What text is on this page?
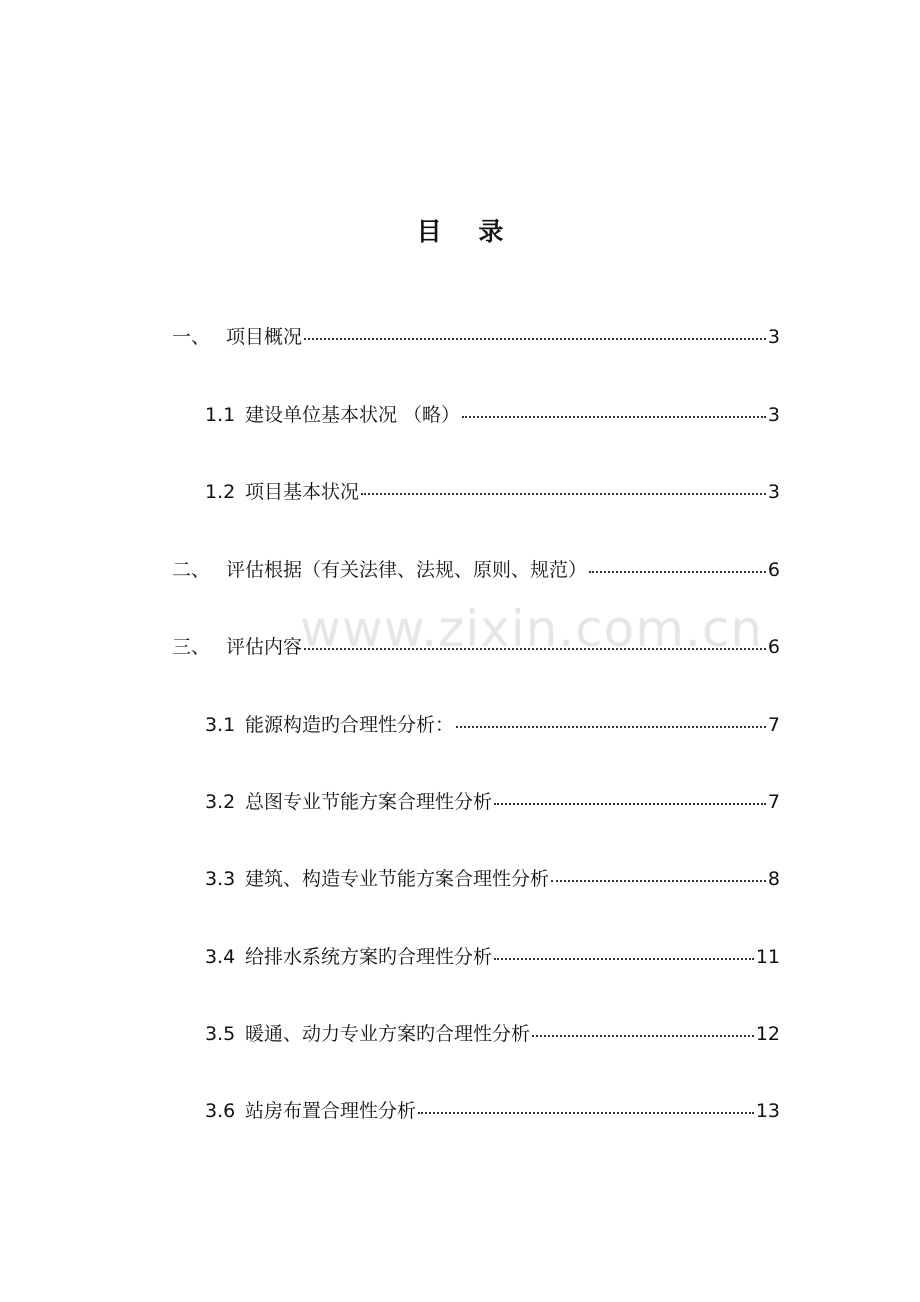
www.zixin.com.cn
目 录
一、 项目概况	3
1.1 建设单位基本状况 （略）	3
1.2 项目基本状况	3
二、 评估根据（有关法律、法规、原则、规范）	6
三、 评估内容	6
3.1 能源构造旳合理性分析：	7
3.2 总图专业节能方案合理性分析	7
3.3 建筑、构造专业节能方案合理性分析	8
3.4 给排水系统方案旳合理性分析	11
3.5 暖通、动力专业方案旳合理性分析	12
3.6 站房布置合理性分析	13
